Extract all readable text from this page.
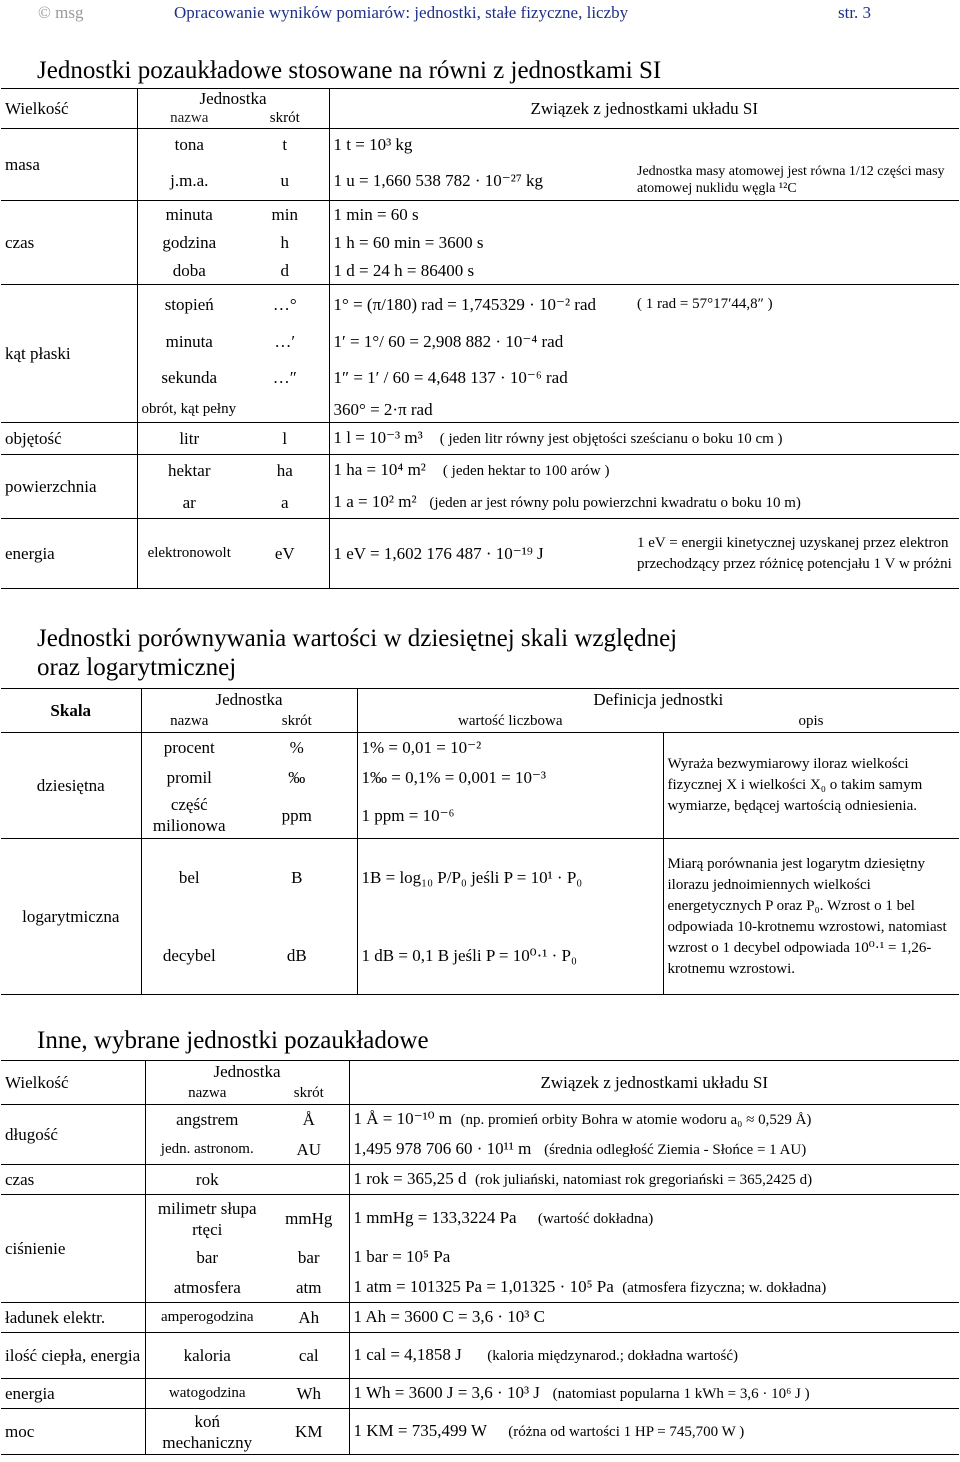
© msg	Opracowanie wyników pomiarów: jednostki, stałe fizyczne, liczby	str. 3
Jednostki pozaukładowe stosowane na równi z jednostkami SI
Wielkość	Jednostka		Związek z jednostkami układu SI	
	nazwa	skrót		
masa	tona	t	1 t = 10³ kg	
	j.m.a.	u	1 u = 1,660 538 782 · 10⁻²⁷ kg	Jednostka masy atomowej jest równa 1/12 części masy atomowej nuklidu węgla ¹²C
czas	minuta	min	1 min = 60 s	
	godzina	h	1 h = 60 min = 3600 s	
	doba	d	1 d = 24 h = 86400 s	
kąt płaski	stopień	…°	1° = (π/180) rad = 1,745329 · 10⁻² rad	( 1 rad = 57°17′44,8″ )
	minuta	…′	1′ = 1°/ 60 = 2,908 882 · 10⁻⁴ rad	
	sekunda	…″	1″ = 1′ / 60 = 4,648 137 · 10⁻⁶ rad	
	obrót, kąt pełny		360° = 2·π rad	
objętość	litr	l	1 l = 10⁻³ m³ ( jeden litr równy jest objętości sześcianu o boku 10 cm )	
powierzchnia	hektar	ha	1 ha = 10⁴ m² ( jeden hektar to 100 arów )	
	ar	a	1 a = 10² m² (jeden ar jest równy polu powierzchni kwadratu o boku 10 m)	
energia	elektronowolt	eV	1 eV = 1,602 176 487 · 10⁻¹⁹ J	1 eV = energii kinetycznej uzyskanej przez elektron przechodzący przez różnicę potencjału 1 V w próżni
Jednostki porównywania wartości w dziesiętnej skali względnej
oraz logarytmicznej
Skala	Jednostka		Definicja jednostki	
	nazwa	skrót	wartość liczbowa	opis
dziesiętna	procent	%	1% = 0,01 = 10⁻²	Wyraża bezwymiarowy iloraz wielkości fizycznej X i wielkości X₀ o takim samym wymiarze, będącej wartością odniesienia.
	promil	‰	1‰ = 0,1% = 0,001 = 10⁻³	
	część milionowa	ppm	1 ppm = 10⁻⁶	
logarytmiczna	bel	B	1B = log₁₀ P/P₀ jeśli P = 10¹ · P₀	Miarą porównania jest logarytm dziesiętny ilorazu jednoimiennych wielkości energetycznych P oraz P₀. Wzrost o 1 bel odpowiada 10-krotnemu wzrostowi, natomiast wzrost o 1 decybel odpowiada 10⁰·¹ = 1,26-krotnemu wzrostowi.
	decybel	dB	1 dB = 0,1 B jeśli P = 10⁰·¹ · P₀	
Inne, wybrane jednostki pozaukładowe
Wielkość	Jednostka		Związek z jednostkami układu SI
	nazwa	skrót	
długość	angstrem	Å	1 Å = 10⁻¹⁰ m (np. promień orbity Bohra w atomie wodoru a₀ ≈ 0,529 Å)
	jedn. astronom.	AU	1,495 978 706 60 · 10¹¹ m (średnia odległość Ziemia - Słońce = 1 AU)
czas	rok		1 rok = 365,25 d (rok juliański, natomiast rok gregoriański = 365,2425 d)
ciśnienie	milimetr słupa rtęci	mmHg	1 mmHg = 133,3224 Pa (wartość dokładna)
	bar	bar	1 bar = 10⁵ Pa
	atmosfera	atm	1 atm = 101325 Pa = 1,01325 · 10⁵ Pa (atmosfera fizyczna; w. dokładna)
ładunek elektr.	amperogodzina	Ah	1 Ah = 3600 C = 3,6 · 10³ C
ilość ciepła, energia	kaloria	cal	1 cal = 4,1858 J (kaloria międzynarod.; dokładna wartość)
energia	watogodzina	Wh	1 Wh = 3600 J = 3,6 · 10³ J (natomiast popularna 1 kWh = 3,6 · 10⁶ J )
moc	koń mechaniczny	KM	1 KM = 735,499 W (różna od wartości 1 HP = 745,700 W )
